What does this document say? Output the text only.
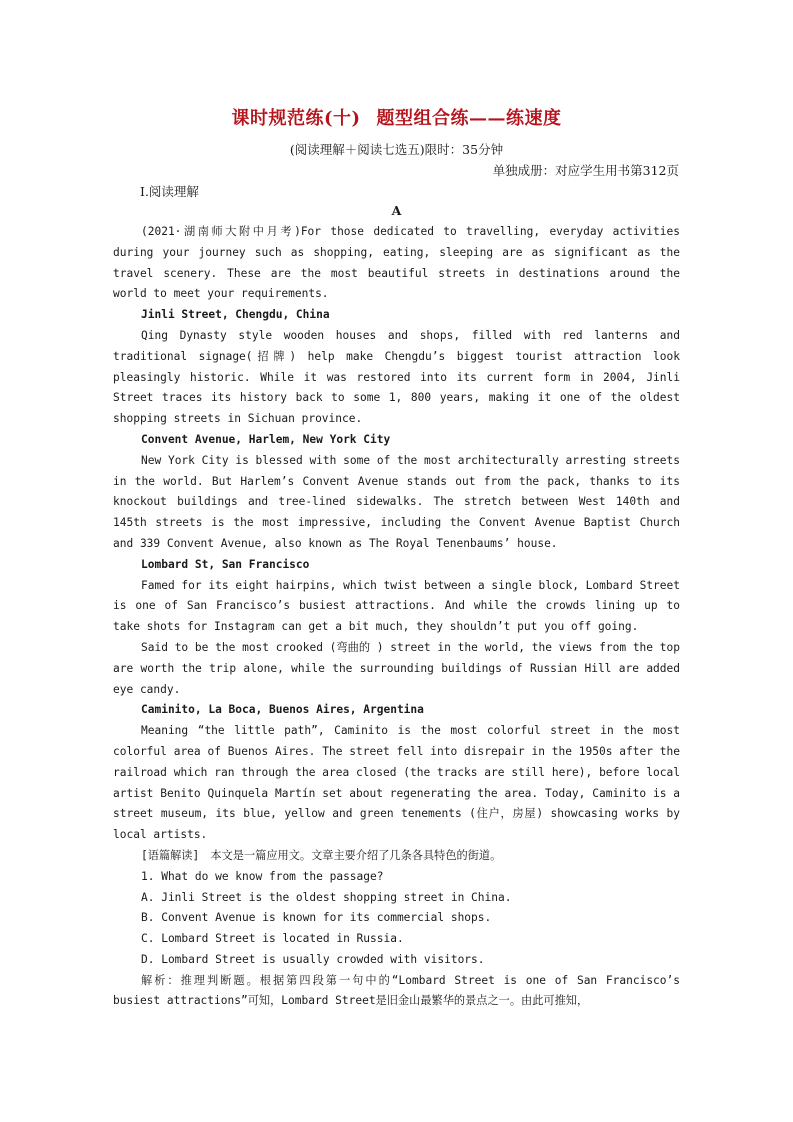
课时规范练(十) 题型组合练——练速度
(阅读理解＋阅读七选五)限时：35分钟
单独成册：对应学生用书第312页
Ⅰ.阅读理解
A

(2021·湖南师大附中月考)For those dedicated to travelling, everyday activities during your journey such as shopping, eating, sleeping are as significant as the travel scenery. These are the most beautiful streets in destinations around the world to meet your requirements.

Jinli Street, Chengdu, China

Qing Dynasty style wooden houses and shops, filled with red lanterns and traditional signage(招牌) help make Chengdu’s biggest tourist attraction look pleasingly historic. While it was restored into its current form in 2004, Jinli Street traces its history back to some 1, 800 years, making it one of the oldest shopping streets in Sichuan province.

Convent Avenue, Harlem, New York City

New York City is blessed with some of the most architecturally arresting streets in the world. But Harlem’s Convent Avenue stands out from the pack, thanks to its knockout buildings and tree-lined sidewalks. The stretch between West 140th and 145th streets is the most impressive, including the Convent Avenue Baptist Church and 339 Convent Avenue, also known as The Royal Tenenbaums’ house.

Lombard St, San Francisco

Famed for its eight hairpins, which twist between a single block, Lombard Street is one of San Francisco’s busiest attractions. And while the crowds lining up to take shots for Instagram can get a bit much, they shouldn’t put you off going.

Said to be the most crooked (弯曲的 ) street in the world, the views from the top are worth the trip alone, while the surrounding buildings of Russian Hill are added eye candy.

Caminito, La Boca, Buenos Aires, Argentina

Meaning “the little path”, Caminito is the most colorful street in the most colorful area of Buenos Aires. The street fell into disrepair in the 1950s after the railroad which ran through the area closed (the tracks are still here), before local artist Benito Quinquela Martín set about regenerating the area. Today, Caminito is a street museum, its blue, yellow and green tenements (住户，房屋) showcasing works by local artists.

[语篇解读]　本文是一篇应用文。文章主要介绍了几条各具特色的街道。

1. What do we know from the passage?

A. Jinli Street is the oldest shopping street in China.

B. Convent Avenue is known for its commercial shops.

C. Lombard Street is located in Russia.

D. Lombard Street is usually crowded with visitors.

解析：推理判断题。根据第四段第一句中的“Lombard Street is one of San Francisco’s busiest attractions”可知，Lombard Street是旧金山最繁华的景点之一。由此可推知，
